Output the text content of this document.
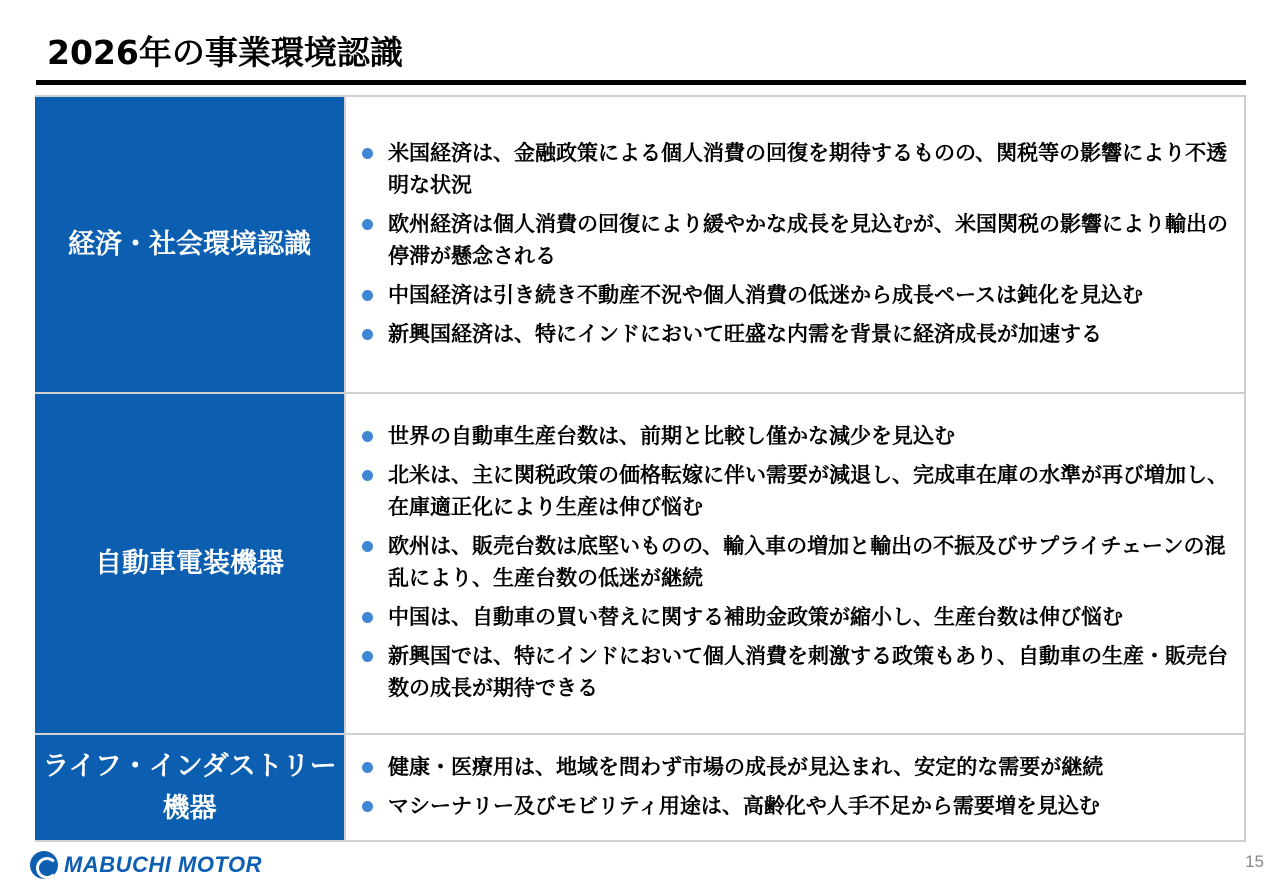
2026年の事業環境認識
経済・社会環境認識
米国経済は、金融政策による個人消費の回復を期待するものの、関税等の影響により不透明な状況
欧州経済は個人消費の回復により緩やかな成長を見込むが、米国関税の影響により輸出の停滞が懸念される
中国経済は引き続き不動産不況や個人消費の低迷から成長ペースは鈍化を見込む
新興国経済は、特にインドにおいて旺盛な内需を背景に経済成長が加速する
自動車電装機器
世界の自動車生産台数は、前期と比較し僅かな減少を見込む
北米は、主に関税政策の価格転嫁に伴い需要が減退し、完成車在庫の水準が再び増加し、在庫適正化により生産は伸び悩む
欧州は、販売台数は底堅いものの、輸入車の増加と輸出の不振及びサプライチェーンの混乱により、生産台数の低迷が継続
中国は、自動車の買い替えに関する補助金政策が縮小し、生産台数は伸び悩む
新興国では、特にインドにおいて個人消費を刺激する政策もあり、自動車の生産・販売台数の成長が期待できる
ライフ・インダストリー
機器
健康・医療用は、地域を問わず市場の成長が見込まれ、安定的な需要が継続
マシーナリー及びモビリティ用途は、高齢化や人手不足から需要増を見込む
MABUCHI MOTOR	15
